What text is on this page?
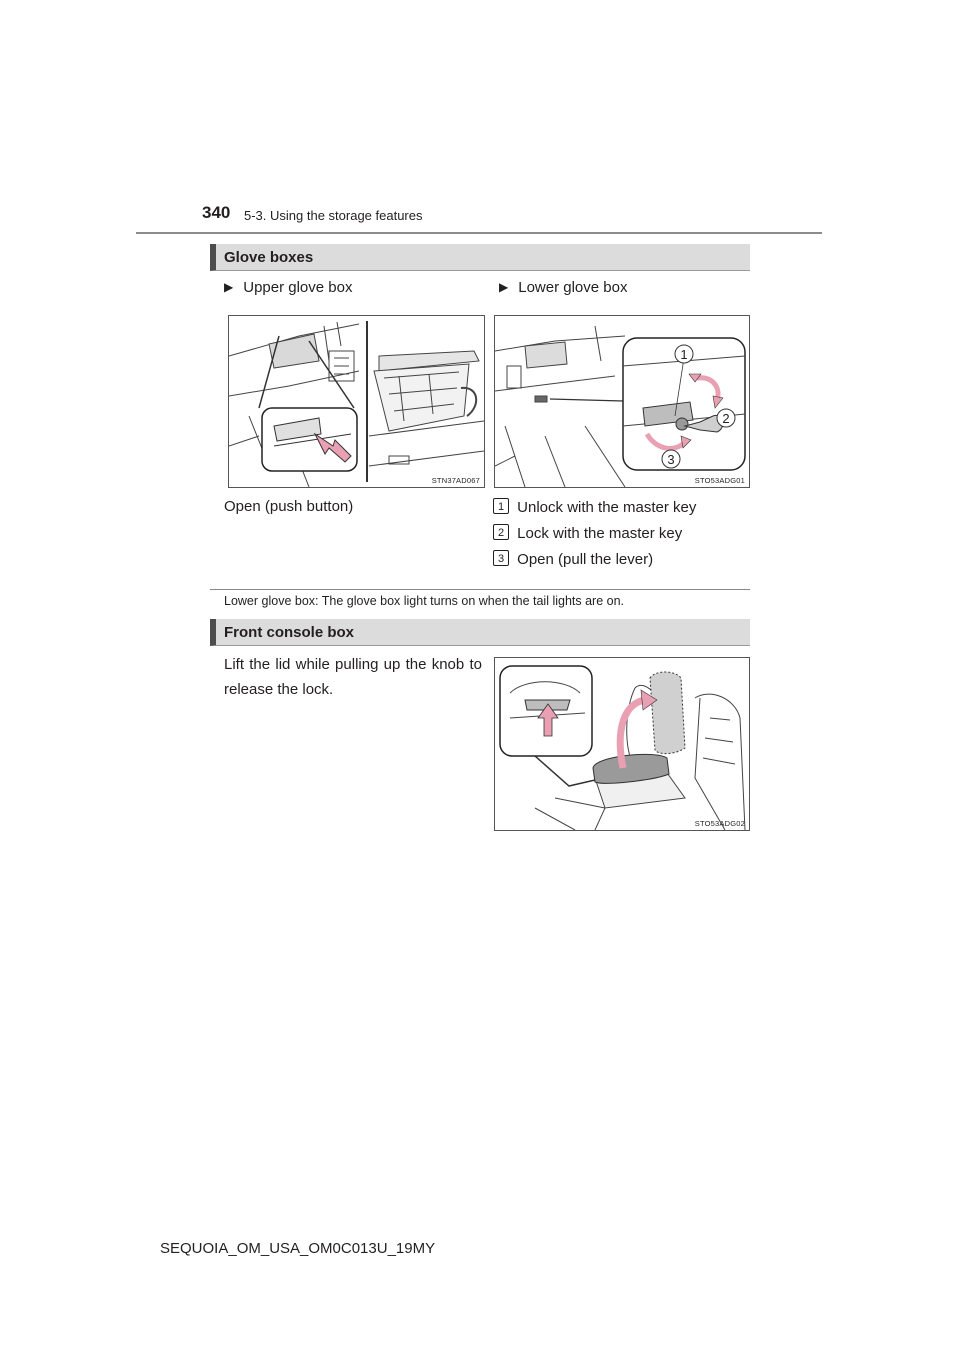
340 5-3. Using the storage features
Glove boxes
▶ Upper glove box	▶ Lower glove box
STN37AD067
1
2
3
STO53ADG01
Open (push button)	1 Unlock with the master key
2 Lock with the master key
3 Open (pull the lever)
Lower glove box: The glove box light turns on when the tail lights are on.
Front console box
Lift the lid while pulling up the knob to release the lock.
STO53ADG02
SEQUOIA_OM_USA_OM0C013U_19MY
